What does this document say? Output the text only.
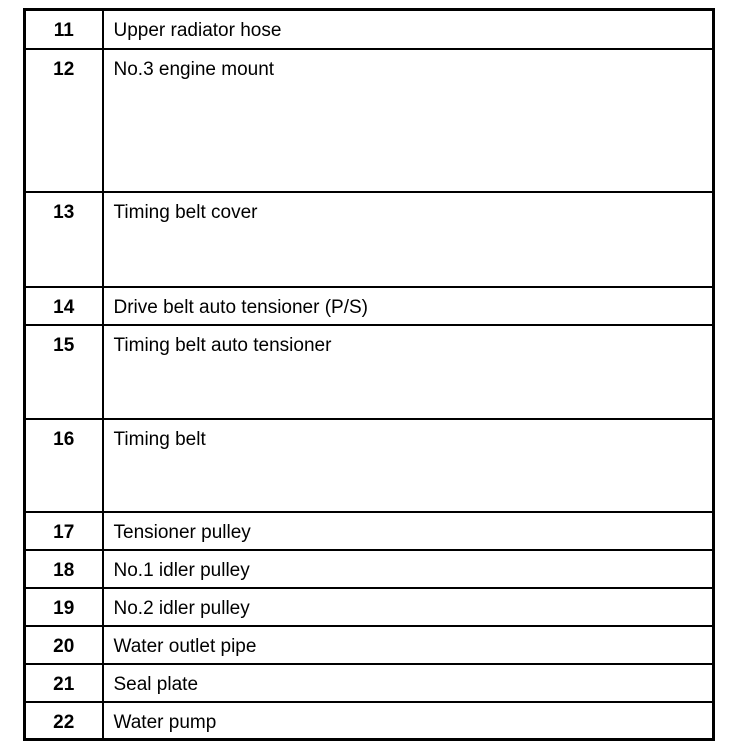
11	Upper radiator hose
12	No.3 engine mount
13	Timing belt cover
14	Drive belt auto tensioner (P/S)
15	Timing belt auto tensioner
16	Timing belt
17	Tensioner pulley
18	No.1 idler pulley
19	No.2 idler pulley
20	Water outlet pipe
21	Seal plate
22	Water pump
